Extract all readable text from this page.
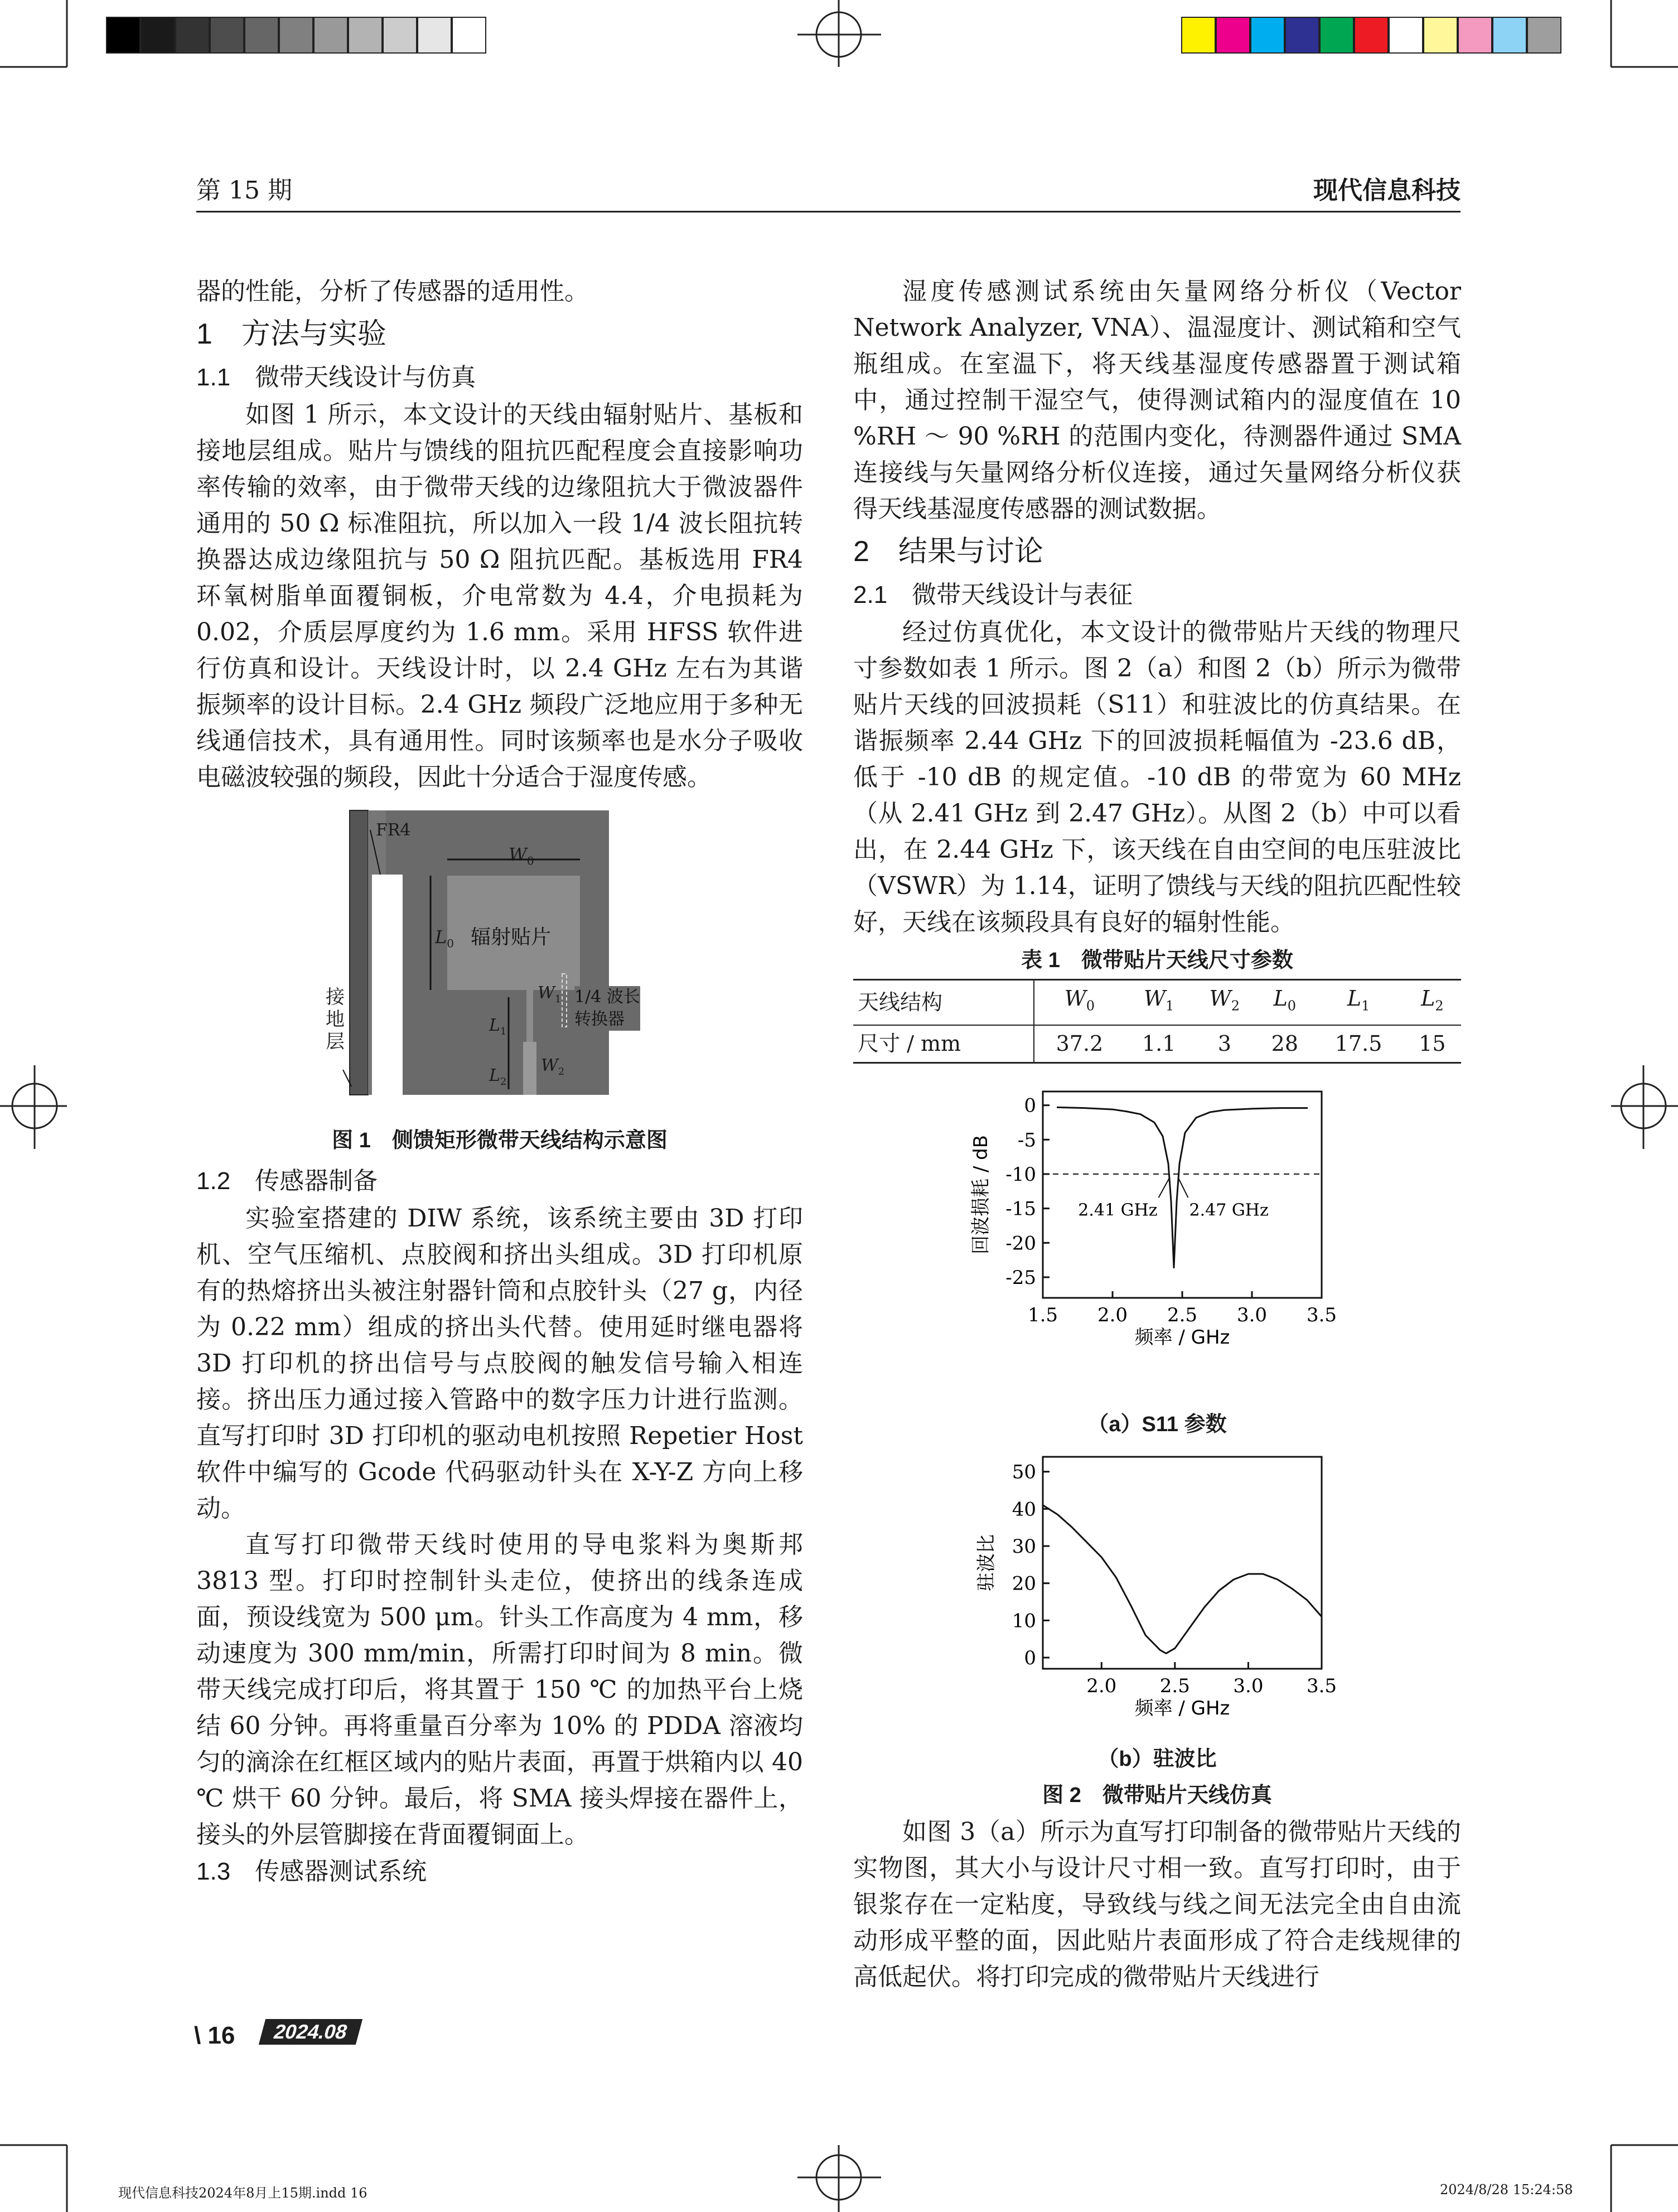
第 15 期	现代信息科技

器的性能，分析了传感器的适用性。

1　方法与实验
1.1　微带天线设计与仿真

如图 1 所示，本文设计的天线由辐射贴片、基板和接地层组成。贴片与馈线的阻抗匹配程度会直接影响功率传输的效率，由于微带天线的边缘阻抗大于微波器件通用的 50 Ω 标准阻抗，所以加入一段 1/4 波长阻抗转换器达成边缘阻抗与 50 Ω 阻抗匹配。基板选用 FR4 环氧树脂单面覆铜板，介电常数为 4.4，介电损耗为 0.02，介质层厚度约为 1.6 mm。采用 HFSS 软件进行仿真和设计。天线设计时，以 2.4 GHz 左右为其谐振频率的设计目标。2.4 GHz 频段广泛地应用于多种无线通信技术，具有通用性。同时该频率也是水分子吸收电磁波较强的频段，因此十分适合于湿度传感。

FR4
$W_0$
$L_0$ 辐射贴片
$W_1$
$L_1$
$L_2$
$W_2$
接
地
层
1/4 波长
转换器
图 1　侧馈矩形微带天线结构示意图
1.2　传感器制备

实验室搭建的 DIW 系统，该系统主要由 3D 打印机、空气压缩机、点胶阀和挤出头组成。3D 打印机原有的热熔挤出头被注射器针筒和点胶针头（27 g，内径为 0.22 mm）组成的挤出头代替。使用延时继电器将 3D 打印机的挤出信号与点胶阀的触发信号输入相连接。挤出压力通过接入管路中的数字压力计进行监测。直写打印时 3D 打印机的驱动电机按照 Repetier Host 软件中编写的 Gcode 代码驱动针头在 X-Y-Z 方向上移动。

直写打印微带天线时使用的导电浆料为奥斯邦 3813 型。打印时控制针头走位，使挤出的线条连成面，预设线宽为 500 μm。针头工作高度为 4 mm，移动速度为 300 mm/min，所需打印时间为 8 min。微带天线完成打印后，将其置于 150 ℃ 的加热平台上烧结 60 分钟。再将重量百分率为 10% 的 PDDA 溶液均匀的滴涂在红框区域内的贴片表面，再置于烘箱内以 40 ℃ 烘干 60 分钟。最后，将 SMA 接头焊接在器件上，接头的外层管脚接在背面覆铜面上。

1.3　传感器测试系统

湿度传感测试系统由矢量网络分析仪（Vector Network Analyzer, VNA）、温湿度计、测试箱和空气瓶组成。在室温下，将天线基湿度传感器置于测试箱中，通过控制干湿空气，使得测试箱内的湿度值在 10 %RH ～ 90 %RH 的范围内变化，待测器件通过 SMA 连接线与矢量网络分析仪连接，通过矢量网络分析仪获得天线基湿度传感器的测试数据。

2　结果与讨论
2.1　微带天线设计与表征

经过仿真优化，本文设计的微带贴片天线的物理尺寸参数如表 1 所示。图 2（a）和图 2（b）所示为微带贴片天线的回波损耗（S11）和驻波比的仿真结果。在谐振频率 2.44 GHz 下的回波损耗幅值为 -23.6 dB，低于 -10 dB 的规定值。-10 dB 的带宽为 60 MHz（从 2.41 GHz 到 2.47 GHz）。从图 2（b）中可以看出，在 2.44 GHz 下，该天线在自由空间的电压驻波比（VSWR）为 1.14，证明了馈线与天线的阻抗匹配性较好，天线在该频段具有良好的辐射性能。

表 1　微带贴片天线尺寸参数
天线结构	$W_0$	$W_1$	$W_2$	$L_0$	$L_1$	$L_2$
尺寸 / mm	37.2	1.1	3	28	17.5	15
1.5 2.0 2.5 3.0 3.5
0
-5
-10
-15
-20
-25
频率 / GHz
回波损耗 / dB	2.41 GHz 2.47 GHz
（a）S11 参数
2.0 2.5 3.0 3.5
0
10
20
30
40
50
频率 / GHz
驻波比
（b）驻波比
图 2　微带贴片天线仿真

如图 3（a）所示为直写打印制备的微带贴片天线的实物图，其大小与设计尺寸相一致。直写打印时，由于银浆存在一定粘度，导致线与线之间无法完全由自由流动形成平整的面，因此贴片表面形成了符合走线规律的高低起伏。将打印完成的微带贴片天线进行

\ 16	2024.08
现代信息科技2024年8月上15期.indd 16	2024/8/28 15:24:58
